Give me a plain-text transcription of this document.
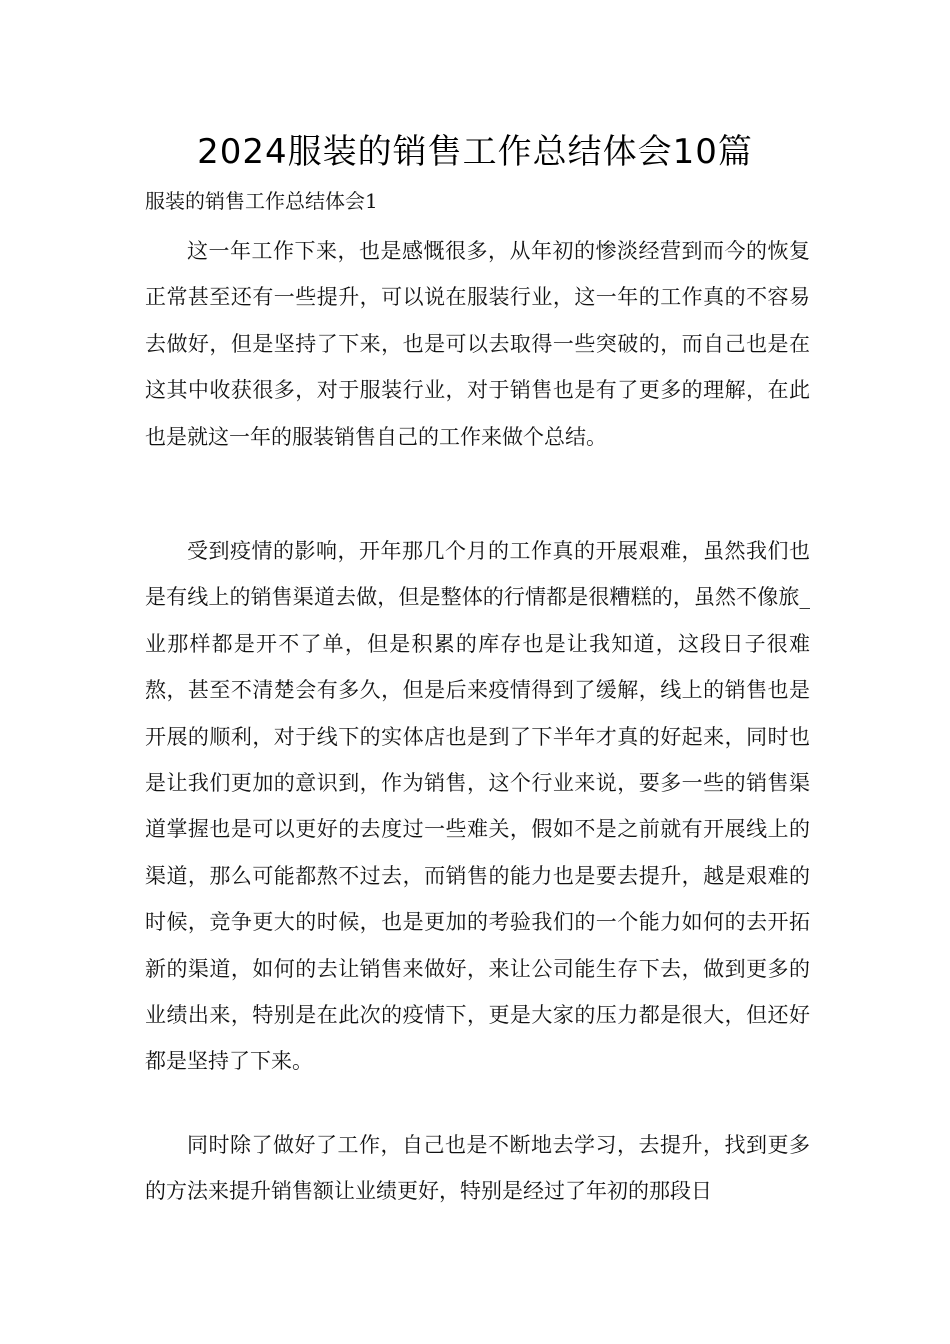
2024服装的销售工作总结体会10篇

服装的销售工作总结体会1

这一年工作下来，也是感慨很多，从年初的惨淡经营到而今的恢复正常甚至还有一些提升，可以说在服装行业，这一年的工作真的不容易去做好，但是坚持了下来，也是可以去取得一些突破的，而自己也是在这其中收获很多，对于服装行业，对于销售也是有了更多的理解，在此也是就这一年的服装销售自己的工作来做个总结。

受到疫情的影响，开年那几个月的工作真的开展艰难，虽然我们也是有线上的销售渠道去做，但是整体的行情都是很糟糕的，虽然不像旅_业那样都是开不了单，但是积累的库存也是让我知道，这段日子很难熬，甚至不清楚会有多久，但是后来疫情得到了缓解，线上的销售也是开展的顺利，对于线下的实体店也是到了下半年才真的好起来，同时也是让我们更加的意识到，作为销售，这个行业来说，要多一些的销售渠道掌握也是可以更好的去度过一些难关，假如不是之前就有开展线上的渠道，那么可能都熬不过去，而销售的能力也是要去提升，越是艰难的时候，竞争更大的时候，也是更加的考验我们的一个能力如何的去开拓新的渠道，如何的去让销售来做好，来让公司能生存下去，做到更多的业绩出来，特别是在此次的疫情下，更是大家的压力都是很大，但还好都是坚持了下来。

同时除了做好了工作，自己也是不断地去学习，去提升，找到更多的方法来提升销售额让业绩更好，特别是经过了年初的那段日
